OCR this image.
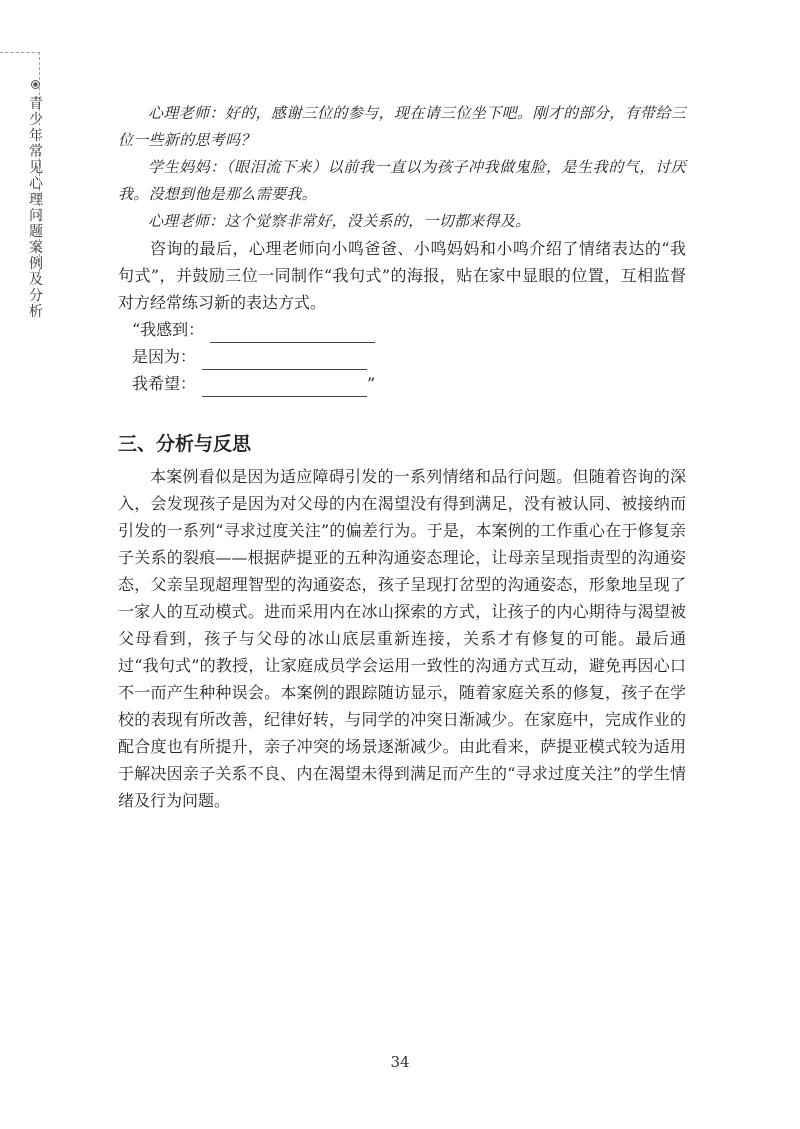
青少年常见心理问题案例及分析

心理老师：好的，感谢三位的参与，现在请三位坐下吧。刚才的部分，有带给三位一些新的思考吗？

学生妈妈：（眼泪流下来）以前我一直以为孩子冲我做鬼脸，是生我的气，讨厌我。没想到他是那么需要我。

心理老师：这个觉察非常好，没关系的，一切都来得及。

咨询的最后，心理老师向小鸣爸爸、小鸣妈妈和小鸣介绍了情绪表达的“我句式”，并鼓励三位一同制作“我句式”的海报，贴在家中显眼的位置，互相监督对方经常练习新的表达方式。

“我感到：
是因为：
我希望：	”
三、分析与反思

本案例看似是因为适应障碍引发的一系列情绪和品行问题。但随着咨询的深入，会发现孩子是因为对父母的内在渴望没有得到满足，没有被认同、被接纳而引发的一系列“寻求过度关注”的偏差行为。于是，本案例的工作重心在于修复亲子关系的裂痕——根据萨提亚的五种沟通姿态理论，让母亲呈现指责型的沟通姿态，父亲呈现超理智型的沟通姿态，孩子呈现打岔型的沟通姿态，形象地呈现了一家人的互动模式。进而采用内在冰山探索的方式，让孩子的内心期待与渴望被父母看到，孩子与父母的冰山底层重新连接，关系才有修复的可能。最后通过“我句式”的教授，让家庭成员学会运用一致性的沟通方式互动，避免再因心口不一而产生种种误会。本案例的跟踪随访显示，随着家庭关系的修复，孩子在学校的表现有所改善，纪律好转，与同学的冲突日渐减少。在家庭中，完成作业的配合度也有所提升，亲子冲突的场景逐渐减少。由此看来，萨提亚模式较为适用于解决因亲子关系不良、内在渴望未得到满足而产生的“寻求过度关注”的学生情绪及行为问题。

34
